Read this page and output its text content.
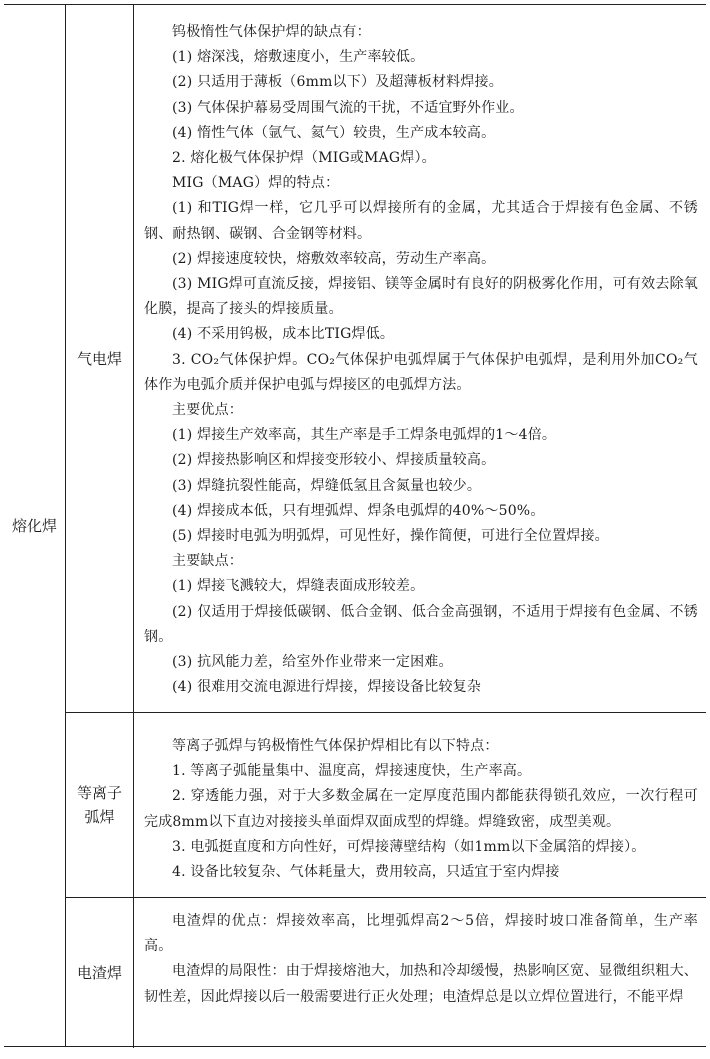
熔化焊
气电焊

钨极惰性气体保护焊的缺点有：

(1) 熔深浅，熔敷速度小，生产率较低。

(2) 只适用于薄板（6mm以下）及超薄板材料焊接。

(3) 气体保护幕易受周围气流的干扰，不适宜野外作业。

(4) 惰性气体（氩气、氦气）较贵，生产成本较高。

2. 熔化极气体保护焊（MIG或MAG焊）。

MIG（MAG）焊的特点：

(1) 和TIG焊一样，它几乎可以焊接所有的金属，尤其适合于焊接有色金属、不锈钢、耐热钢、碳钢、合金钢等材料。

(2) 焊接速度较快，熔敷效率较高，劳动生产率高。

(3) MIG焊可直流反接，焊接铝、镁等金属时有良好的阴极雾化作用，可有效去除氧化膜，提高了接头的焊接质量。

(4) 不采用钨极，成本比TIG焊低。

3. CO₂气体保护焊。CO₂气体保护电弧焊属于气体保护电弧焊，是利用外加CO₂气体作为电弧介质并保护电弧与焊接区的电弧焊方法。

主要优点：

(1) 焊接生产效率高，其生产率是手工焊条电弧焊的1～4倍。

(2) 焊接热影响区和焊接变形较小、焊接质量较高。

(3) 焊缝抗裂性能高，焊缝低氢且含氮量也较少。

(4) 焊接成本低，只有埋弧焊、焊条电弧焊的40%～50%。

(5) 焊接时电弧为明弧焊，可见性好，操作简便，可进行全位置焊接。

主要缺点：

(1) 焊接飞溅较大，焊缝表面成形较差。

(2) 仅适用于焊接低碳钢、低合金钢、低合金高强钢，不适用于焊接有色金属、不锈钢。

(3) 抗风能力差，给室外作业带来一定困难。

(4) 很难用交流电源进行焊接，焊接设备比较复杂

等离子
弧焊

等离子弧焊与钨极惰性气体保护焊相比有以下特点：

1. 等离子弧能量集中、温度高，焊接速度快，生产率高。

2. 穿透能力强，对于大多数金属在一定厚度范围内都能获得锁孔效应，一次行程可完成8mm以下直边对接接头单面焊双面成型的焊缝。焊缝致密，成型美观。

3. 电弧挺直度和方向性好，可焊接薄壁结构（如1mm以下金属箔的焊接）。

4. 设备比较复杂、气体耗量大，费用较高，只适宜于室内焊接

电渣焊

电渣焊的优点：焊接效率高，比埋弧焊高2～5倍，焊接时坡口准备简单，生产率高。

电渣焊的局限性：由于焊接熔池大，加热和冷却缓慢，热影响区宽、显微组织粗大、韧性差，因此焊接以后一般需要进行正火处理；电渣焊总是以立焊位置进行，不能平焊
